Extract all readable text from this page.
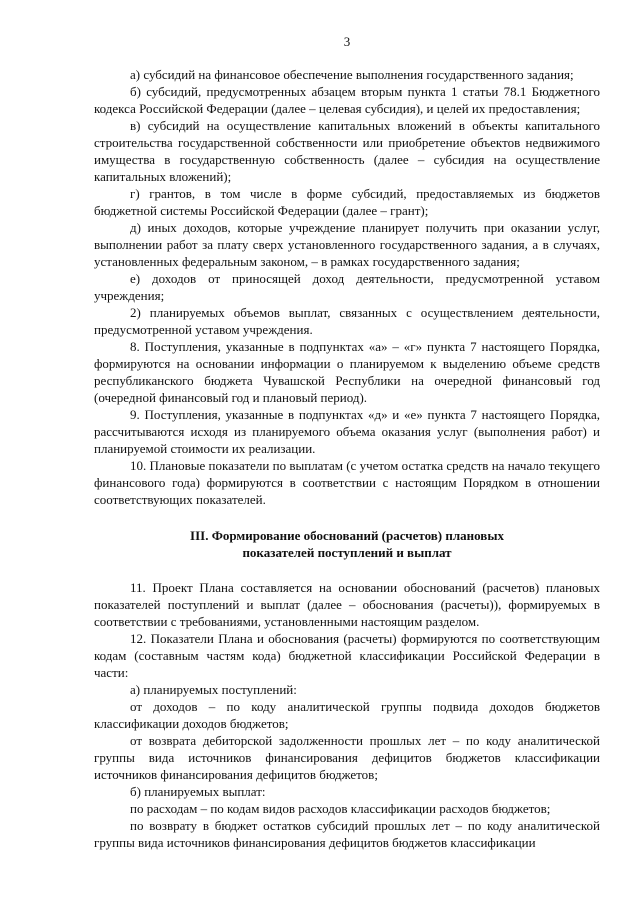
3

а) субсидий на финансовое обеспечение выполнения государственного задания;

б) субсидий, предусмотренных абзацем вторым пункта 1 статьи 78.1 Бюджетного кодекса Российской Федерации (далее – целевая субсидия), и целей их предоставления;

в) субсидий на осуществление капитальных вложений в объекты капитального строительства государственной собственности или приобретение объектов недвижимого имущества в государственную собственность (далее – субсидия на осуществление капитальных вложений);

г) грантов, в том числе в форме субсидий, предоставляемых из бюджетов бюджетной системы Российской Федерации (далее – грант);

д) иных доходов, которые учреждение планирует получить при оказании услуг, выполнении работ за плату сверх установленного государственного задания, а в случаях, установленных федеральным законом, – в рамках государственного задания;

е) доходов от приносящей доход деятельности, предусмотренной уставом учреждения;

2) планируемых объемов выплат, связанных с осуществлением деятельности, предусмотренной уставом учреждения.

8. Поступления, указанные в подпунктах «а» – «г» пункта 7 настоящего Порядка, формируются на основании информации о планируемом к выделению объеме средств республиканского бюджета Чувашской Республики на очередной финансовый год (очередной финансовый год и плановый период).

9. Поступления, указанные в подпунктах «д» и «е» пункта 7 настоящего Порядка, рассчитываются исходя из планируемого объема оказания услуг (выполнения работ) и планируемой стоимости их реализации.

10. Плановые показатели по выплатам (с учетом остатка средств на начало текущего финансового года) формируются в соответствии с настоящим Порядком в отношении соответствующих показателей.

III. Формирование обоснований (расчетов) плановых
показателей поступлений и выплат

11. Проект Плана составляется на основании обоснований (расчетов) плановых показателей поступлений и выплат (далее – обоснования (расчеты)), формируемых в соответствии с требованиями, установленными настоящим разделом.

12. Показатели Плана и обоснования (расчеты) формируются по соответствующим кодам (составным частям кода) бюджетной классификации Российской Федерации в части:

а) планируемых поступлений:

от доходов – по коду аналитической группы подвида доходов бюджетов классификации доходов бюджетов;

от возврата дебиторской задолженности прошлых лет – по коду аналитической группы вида источников финансирования дефицитов бюджетов классификации источников финансирования дефицитов бюджетов;

б) планируемых выплат:

по расходам – по кодам видов расходов классификации расходов бюджетов;

по возврату в бюджет остатков субсидий прошлых лет – по коду аналитической группы вида источников финансирования дефицитов бюджетов классификации
